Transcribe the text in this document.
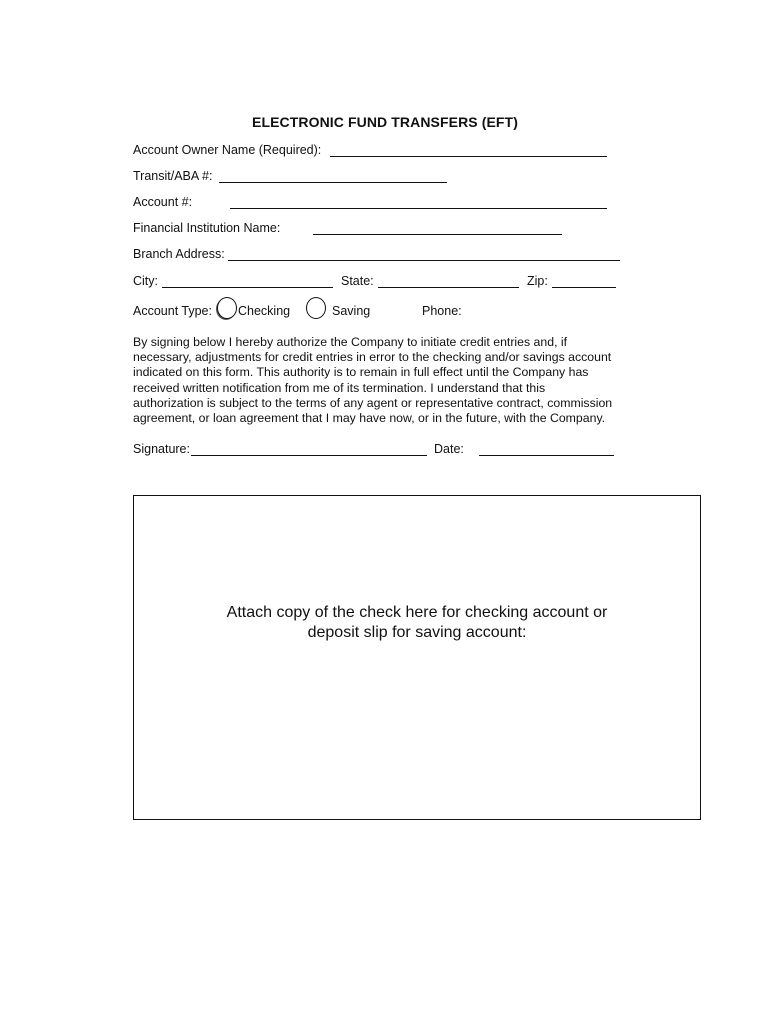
ELECTRONIC FUND TRANSFERS (EFT)
Account Owner Name (Required):
Transit/ABA #:
Account #:
Financial Institution Name:
Branch Address:
City:	State:	Zip:
Account Type: Checking	Saving	Phone:
By signing below I hereby authorize the Company to initiate credit entries and, if
necessary, adjustments for credit entries in error to the checking and/or savings account
indicated on this form. This authority is to remain in full effect until the Company has
received written notification from me of its termination. I understand that this
authorization is subject to the terms of any agent or representative contract, commission
agreement, or loan agreement that I may have now, or in the future, with the Company.
Signature:	Date:
Attach copy of the check here for checking account or
deposit slip for saving account:
